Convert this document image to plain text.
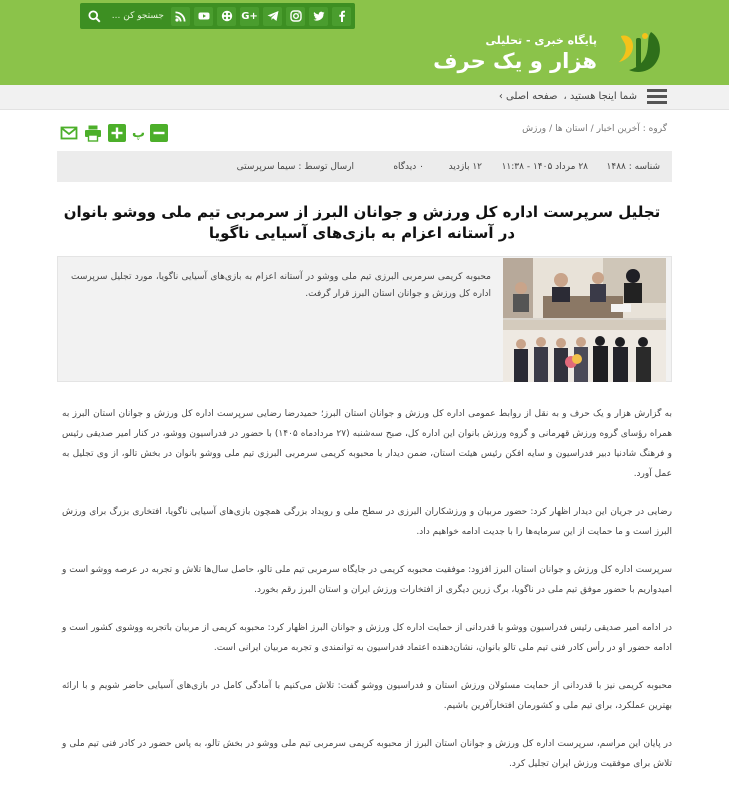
جستجو کن ...
G+
پایگاه خبری - تحلیلی
هزار و یک حرف
شما اینجا هستید ،
صفحه اصلی ›
گروه :
آخرین اخبار
/
استان ها
/
ورزش
پ
شناسه : ۱۴۸۸
۲۸ مرداد ۱۴۰۵ - ۱۱:۳۸
۱۲ بازدید
۰ دیدگاه
ارسال توسط : سیما سرپرستی
تجلیل سرپرست اداره کل ورزش و جوانان البرز از سرمربی تیم ملی ووشو بانوان در آستانه اعزام به بازی‌های آسیایی ناگویا

محبوبه کریمی سرمربی البرزی تیم ملی ووشو در آستانه اعزام به بازی‌های آسیایی ناگویا، مورد تجلیل سرپرست اداره کل ورزش و جوانان استان البرز قرار گرفت.

به گزارش هزار و یک حرف و به نقل از روابط عمومی اداره کل ورزش و جوانان استان البرز؛ حمیدرضا رضایی سرپرست اداره کل ورزش و جوانان استان البرز به همراه رؤسای گروه ورزش قهرمانی و گروه ورزش بانوان این اداره کل، صبح سه‌شنبه (۲۷ مردادماه ۱۴۰۵) با حضور در فدراسیون ووشو، در کنار امیر صدیقی رئیس و فرهنگ شادنیا دبیر فدراسیون و سایه افکن رئیس هیئت استان، ضمن دیدار با محبوبه کریمی سرمربی البرزی تیم ملی ووشو بانوان در بخش تالو، از وی تجلیل به عمل آورد.

رضایی در جریان این دیدار اظهار کرد: حضور مربیان و ورزشکاران البرزی در سطح ملی و رویداد بزرگی همچون بازی‌های آسیایی ناگویا، افتخاری بزرگ برای ورزش البرز است و ما حمایت از این سرمایه‌ها را با جدیت ادامه خواهیم داد.

سرپرست اداره کل ورزش و جوانان استان البرز افزود: موفقیت محبوبه کریمی در جایگاه سرمربی تیم ملی تالو، حاصل سال‌ها تلاش و تجربه در عرصه ووشو است و امیدواریم با حضور موفق تیم ملی در ناگویا، برگ زرین دیگری از افتخارات ورزش ایران و استان البرز رقم بخورد.

در ادامه امیر صدیقی رئیس فدراسیون ووشو با قدردانی از حمایت اداره کل ورزش و جوانان البرز اظهار کرد: محبوبه کریمی از مربیان باتجربه ووشوی کشور است و ادامه حضور او در رأس کادر فنی تیم ملی تالو بانوان، نشان‌دهنده اعتماد فدراسیون به توانمندی و تجربه مربیان ایرانی است.

محبوبه کریمی نیز با قدردانی از حمایت مسئولان ورزش استان و فدراسیون ووشو گفت: تلاش می‌کنیم با آمادگی کامل در بازی‌های آسیایی حاضر شویم و با ارائه بهترین عملکرد، برای تیم ملی و کشورمان افتخارآفرین باشیم.

در پایان این مراسم، سرپرست اداره کل ورزش و جوانان استان البرز از محبوبه کریمی سرمربی تیم ملی ووشو در بخش تالو، به پاس حضور در کادر فنی تیم ملی و تلاش برای موفقیت ورزش ایران تجلیل کرد.
